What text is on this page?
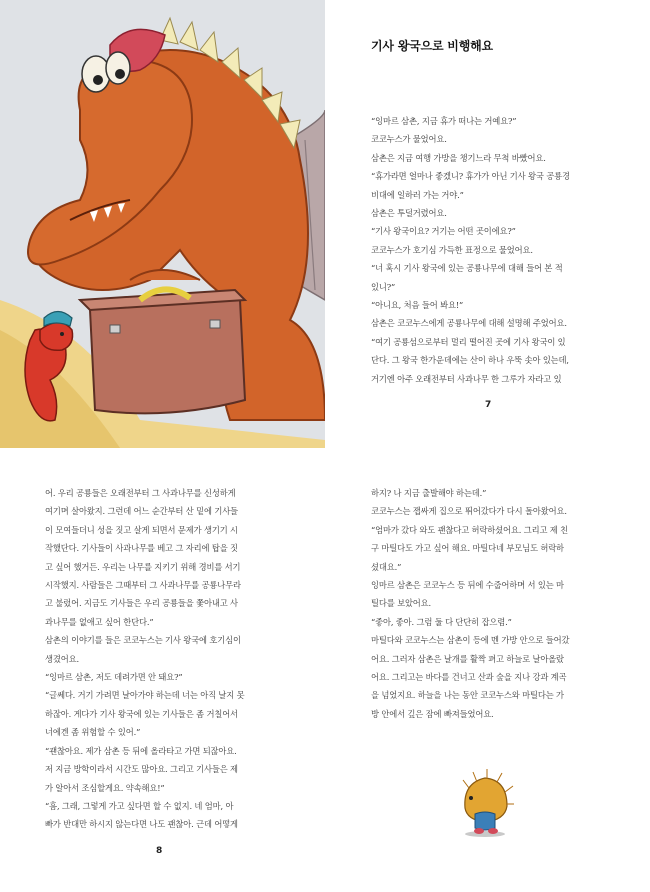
기사 왕국으로 비행해요

“잉마르 삼촌, 지금 휴가 떠나는 거예요?”

코코누스가 물었어요.

삼촌은 지금 여행 가방을 챙기느라 무척 바빴어요.

“휴가라면 얼마나 좋겠니? 휴가가 아닌 기사 왕국 공룡경

비대에 일하러 가는 거야.”

삼촌은 투덜거렸어요.

“기사 왕국이요? 거기는 어떤 곳이에요?”

코코누스가 호기심 가득한 표정으로 물었어요.

“너 혹시 기사 왕국에 있는 공룡나무에 대해 들어 본 적

있니?”

“아니요, 처음 들어 봐요!”

삼촌은 코코누스에게 공룡나무에 대해 설명해 주었어요.

“여기 공룡섬으로부터 멀리 떨어진 곳에 기사 왕국이 있

단다. 그 왕국 한가운데에는 산이 하나 우뚝 솟아 있는데,

거기엔 아주 오래전부터 사과나무 한 그루가 자라고 있

7

어. 우리 공룡들은 오래전부터 그 사과나무를 신성하게

여기며 살아왔지. 그런데 어느 순간부터 산 밑에 기사들

이 모여들더니 성을 짓고 살게 되면서 문제가 생기기 시

작했단다. 기사들이 사과나무를 베고 그 자리에 탑을 짓

고 싶어 했거든. 우리는 나무를 지키기 위해 경비를 서기

시작했지. 사람들은 그때부터 그 사과나무를 공룡나무라

고 불렀어. 지금도 기사들은 우리 공룡들을 쫓아내고 사

과나무를 없애고 싶어 한단다.”

삼촌의 이야기를 들은 코코누스는 기사 왕국에 호기심이

생겼어요.

“잉마르 삼촌, 저도 데려가면 안 돼요?”

“글쎄다. 거기 가려면 날아가야 하는데 너는 아직 날지 못

하잖아. 게다가 기사 왕국에 있는 기사들은 좀 거칠어서

너에겐 좀 위험할 수 있어.”

“괜찮아요. 제가 삼촌 등 뒤에 올라타고 가면 되잖아요.

저 지금 방학이라서 시간도 많아요. 그리고 기사들은 제

가 알아서 조심할게요. 약속해요!”

“흠, 그래, 그렇게 가고 싶다면 할 수 없지. 네 엄마, 아

빠가 반대만 하시지 않는다면 나도 괜찮아. 근데 어떻게

하지? 나 지금 출발해야 하는데.”

코코누스는 잽싸게 집으로 뛰어갔다가 다시 돌아왔어요.

“엄마가 갔다 와도 괜찮다고 허락하셨어요. 그리고 제 친

구 마틸다도 가고 싶어 해요. 마틸다네 부모님도 허락하

셨대요.”

잉마르 삼촌은 코코누스 등 뒤에 수줍어하며 서 있는 마

틸다를 보았어요.

“좋아, 좋아. 그럼 둘 다 단단히 잡으렴.”

마틸다와 코코누스는 삼촌이 등에 멘 가방 안으로 들어갔

어요. 그러자 삼촌은 날개를 활짝 펴고 하늘로 날아올랐

어요. 그리고는 바다를 건너고 산과 숲을 지나 강과 계곡

을 넘었지요. 하늘을 나는 동안 코코누스와 마틸다는 가

방 안에서 깊은 잠에 빠져들었어요.

8
